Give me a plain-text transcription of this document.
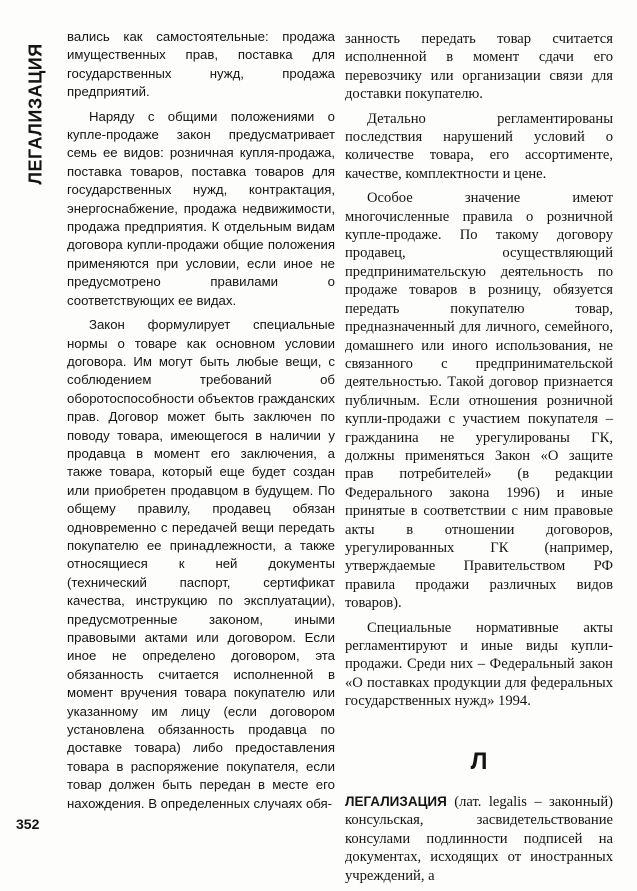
ЛЕГАЛИЗАЦИЯ

вались как самостоятельные: продажа имущественных прав, поставка для государственных нужд, продажа предприятий.

Наряду с общими положениями о купле-продаже закон предусматривает семь ее видов: розничная купля-продажа, поставка товаров, поставка товаров для государственных нужд, контрактация, энергоснабжение, продажа недвижимости, продажа предприятия. К отдельным видам договора купли-продажи общие положения применяются при условии, если иное не предусмотрено правилами о соответствующих ее видах.

Закон формулирует специальные нормы о товаре как основном условии договора. Им могут быть любые вещи, с соблюдением требований об оборотоспособности объектов гражданских прав. Договор может быть заключен по поводу товара, имеющегося в наличии у продавца в момент его заключения, а также товара, который еще будет создан или приобретен продавцом в будущем. По общему правилу, продавец обязан одновременно с передачей вещи передать покупателю ее принадлежности, а также относящиеся к ней документы (технический паспорт, сертификат качества, инструкцию по эксплуатации), предусмотренные законом, иными правовыми актами или договором. Если иное не определено договором, эта обязанность считается исполненной в момент вручения товара покупателю или указанному им лицу (если договором установлена обязанность продавца по доставке товара) либо предоставления товара в распоряжение покупателя, если товар должен быть передан в месте его нахождения. В определенных случаях обя-

занность передать товар считается исполненной в момент сдачи его перевозчику или организации связи для доставки покупателю.

Детально регламентированы последствия нарушений условий о количестве товара, его ассортименте, качестве, комплектности и цене.

Особое значение имеют многочисленные правила о розничной купле-продаже. По такому договору продавец, осуществляющий предпринимательскую деятельность по продаже товаров в розницу, обязуется передать покупателю товар, предназначенный для личного, семейного, домашнего или иного использования, не связанного с предпринимательской деятельностью. Такой договор признается публичным. Если отношения розничной купли-продажи с участием покупателя – гражданина не урегулированы ГК, должны применяться Закон «О защите прав потребителей» (в редакции Федерального закона 1996) и иные принятые в соответствии с ним правовые акты в отношении договоров, урегулированных ГК (например, утверждаемые Правительством РФ правила продажи различных видов товаров).

Специальные нормативные акты регламентируют и иные виды купли-продажи. Среди них – Федеральный закон «О поставках продукции для федеральных государственных нужд» 1994.

Л

ЛЕГАЛИЗАЦИЯ (лат. legalis – законный) консульская, засвидетельствование консулами подлинности подписей на документах, исходящих от иностранных учреждений, а

352
